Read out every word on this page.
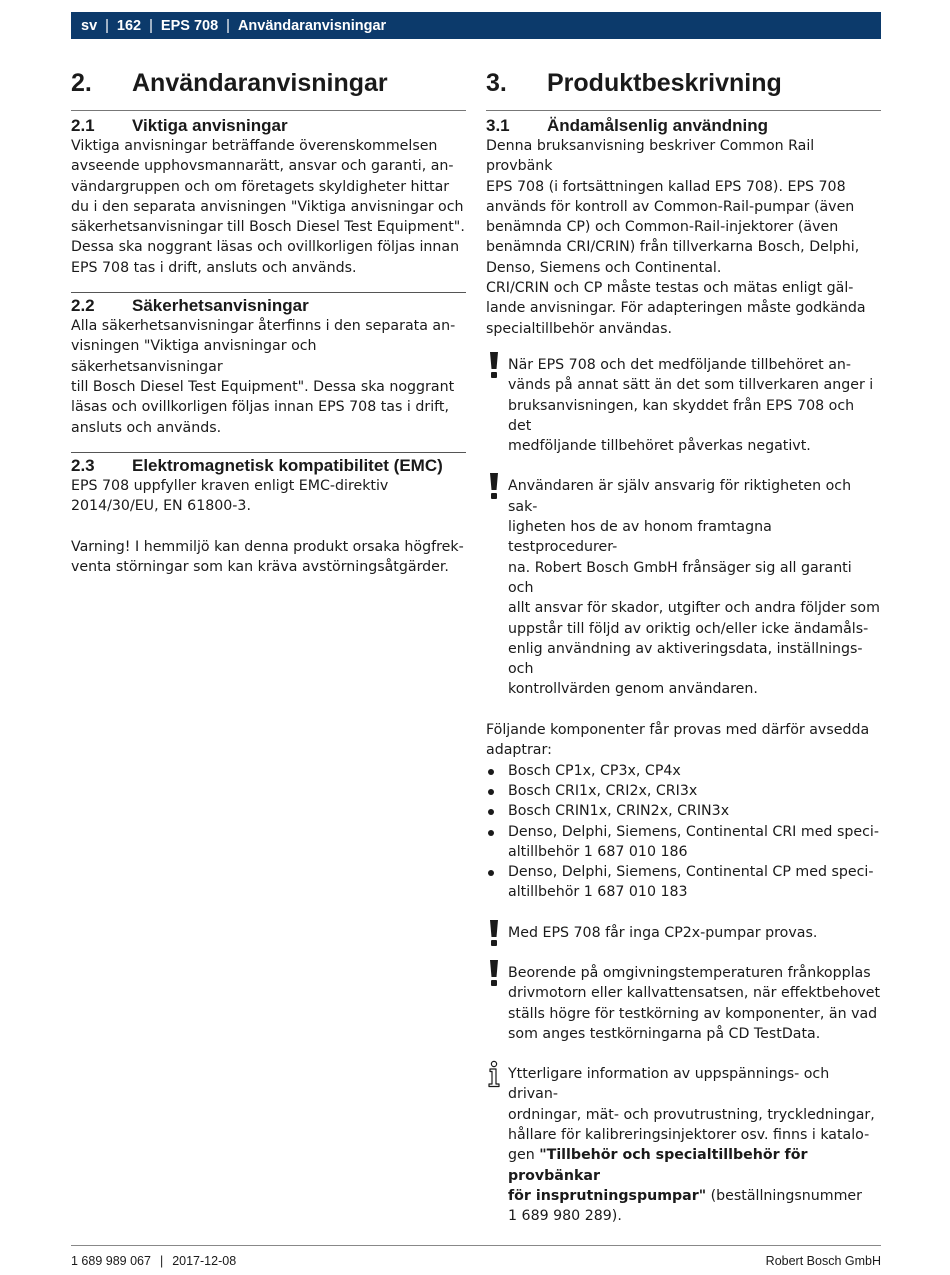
sv | 162 | EPS 708 | Användaranvisningar
2.	Användaranvisningar
2.1	Viktiga anvisningar

Viktiga anvisningar beträffande överenskommelsen
avseende upphovsmannarätt, ansvar och garanti, an-
vändargruppen och om företagets skyldigheter hittar
du i den separata anvisningen "Viktiga anvisningar och
säkerhetsanvisningar till Bosch Diesel Test Equipment".
Dessa ska noggrant läsas och ovillkorligen följas innan
EPS 708 tas i drift, ansluts och används.

2.2	Säkerhetsanvisningar

Alla säkerhetsanvisningar återfinns i den separata an-
visningen "Viktiga anvisningar och säkerhetsanvisningar
till Bosch Diesel Test Equipment". Dessa ska noggrant
läsas och ovillkorligen följas innan EPS 708 tas i drift,
ansluts och används.

2.3	Elektromagnetisk kompatibilitet (EMC)

EPS 708 uppfyller kraven enligt EMC-direktiv
2014/30/EU, EN 61800-3.

Varning! I hemmiljö kan denna produkt orsaka högfrek-
venta störningar som kan kräva avstörningsåtgärder.

3.	Produktbeskrivning
3.1	Ändamålsenlig användning

Denna bruksanvisning beskriver Common Rail provbänk
EPS 708 (i fortsättningen kallad EPS 708). EPS 708
används för kontroll av Common-Rail-pumpar (även
benämnda CP) och Common-Rail-injektorer (även
benämnda CRI/CRIN) från tillverkarna Bosch, Delphi,
Denso, Siemens och Continental.
CRI/CRIN och CP måste testas och mätas enligt gäl-
lande anvisningar. För adapteringen måste godkända
specialtillbehör användas.

När EPS 708 och det medföljande tillbehöret an-
vänds på annat sätt än det som tillverkaren anger i
bruksanvisningen, kan skyddet från EPS 708 och det
medföljande tillbehöret påverkas negativt.

Användaren är själv ansvarig för riktigheten och sak-
ligheten hos de av honom framtagna testprocedurer-
na. Robert Bosch GmbH frånsäger sig all garanti och
allt ansvar för skador, utgifter och andra följder som
uppstår till följd av oriktig och/eller icke ändamåls-
enlig användning av aktiveringsdata, inställnings- och
kontrollvärden genom användaren.

Följande komponenter får provas med därför avsedda
adaptrar:

Bosch CP1x, CP3x, CP4x
Bosch CRI1x, CRI2x, CRI3x
Bosch CRIN1x, CRIN2x, CRIN3x
Denso, Delphi, Siemens, Continental CRI med speci-
altillbehör 1 687 010 186
Denso, Delphi, Siemens, Continental CP med speci-
altillbehör 1 687 010 183

Med EPS 708 får inga CP2x-pumpar provas.

Beorende på omgivningstemperaturen frånkopplas
drivmotorn eller kallvattensatsen, när effektbehovet
ställs högre för testkörning av komponenter, än vad
som anges testkörningarna på CD TestData.

Ytterligare information av uppspännings- och drivan-
ordningar, mät- och provutrustning, tryckledningar,
hållare för kalibreringsinjektorer osv. finns i katalo-
gen "Tillbehör och specialtillbehör för provbänkar
för insprutningspumpar" (beställningsnummer
1 689 980 289).

1 689 989 067 | 2017-12-08	Robert Bosch GmbH
